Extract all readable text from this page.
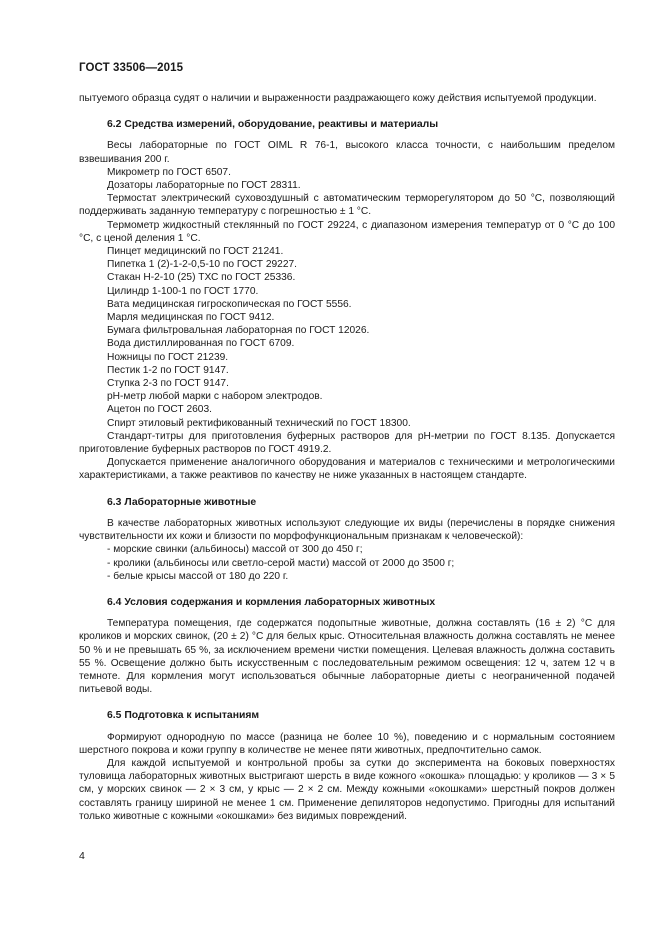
ГОСТ 33506—2015

пытуемого образца судят о наличии и выраженности раздражающего кожу действия испытуемой продукции.

6.2 Средства измерений, оборудование, реактивы и материалы

Весы лабораторные по ГОСТ OIML R 76-1, высокого класса точности, с наибольшим пределом взвешивания 200 г.

Микрометр по ГОСТ 6507.

Дозаторы лабораторные по ГОСТ 28311.

Термостат электрический суховоздушный с автоматическим терморегулятором до 50 °С, позволяющий поддерживать заданную температуру с погрешностью ± 1 °С.

Термометр жидкостный стеклянный по ГОСТ 29224, с диапазоном измерения температур от 0 °С до 100 °С, с ценой деления 1 °С.

Пинцет медицинский по ГОСТ 21241.

Пипетка 1 (2)-1-2-0,5-10 по ГОСТ 29227.

Стакан Н-2-10 (25) ТХС по ГОСТ 25336.

Цилиндр 1-100-1 по ГОСТ 1770.

Вата медицинская гигроскопическая по ГОСТ 5556.

Марля медицинская по ГОСТ 9412.

Бумага фильтровальная лабораторная по ГОСТ 12026.

Вода дистиллированная по ГОСТ 6709.

Ножницы по ГОСТ 21239.

Пестик 1-2 по ГОСТ 9147.

Ступка 2-3 по ГОСТ 9147.

pH-метр любой марки с набором электродов.

Ацетон по ГОСТ 2603.

Спирт этиловый ректификованный технический по ГОСТ 18300.

Стандарт-титры для приготовления буферных растворов для pH-метрии по ГОСТ 8.135. Допускается приготовление буферных растворов по ГОСТ 4919.2.

Допускается применение аналогичного оборудования и материалов с техническими и метрологическими характеристиками, а также реактивов по качеству не ниже указанных в настоящем стандарте.

6.3 Лабораторные животные

В качестве лабораторных животных используют следующие их виды (перечислены в порядке снижения чувствительности их кожи и близости по морфофункциональным признакам к человеческой):

- морские свинки (альбиносы) массой от 300 до 450 г;

- кролики (альбиносы или светло-серой масти) массой от 2000 до 3500 г;

- белые крысы массой от 180 до 220 г.

6.4 Условия содержания и кормления лабораторных животных

Температура помещения, где содержатся подопытные животные, должна составлять (16 ± 2) °С для кроликов и морских свинок, (20 ± 2) °С для белых крыс. Относительная влажность должна составлять не менее 50 % и не превышать 65 %, за исключением времени чистки помещения. Целевая влажность должна составить 55 %. Освещение должно быть искусственным с последовательным режимом освещения: 12 ч, затем 12 ч в темноте. Для кормления могут использоваться обычные лабораторные диеты с неограниченной подачей питьевой воды.

6.5 Подготовка к испытаниям

Формируют однородную по массе (разница не более 10 %), поведению и с нормальным состоянием шерстного покрова и кожи группу в количестве не менее пяти животных, предпочтительно самок.

Для каждой испытуемой и контрольной пробы за сутки до эксперимента на боковых поверхностях туловища лабораторных животных выстригают шерсть в виде кожного «окошка» площадью: у кроликов — 3 × 5 см, у морских свинок — 2 × 3 см, у крыс — 2 × 2 см. Между кожными «окошками» шерстный покров должен составлять границу шириной не менее 1 см. Применение депиляторов недопустимо. Пригодны для испытаний только животные с кожными «окошками» без видимых повреждений.

4
